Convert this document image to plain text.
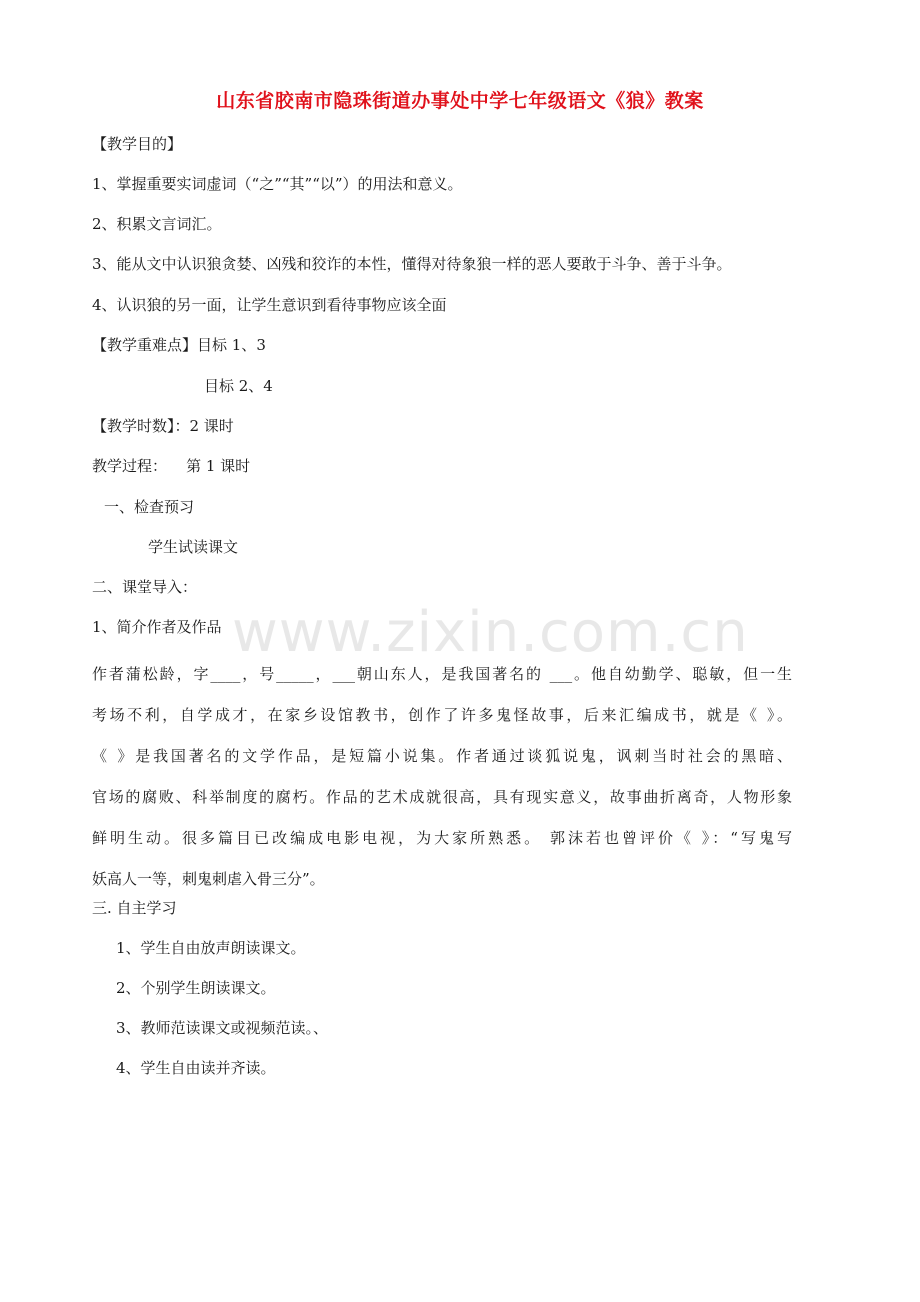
山东省胶南市隐珠街道办事处中学七年级语文《狼》教案
【教学目的】
1、掌握重要实词虚词（“之”“其”“以”）的用法和意义。
2、积累文言词汇。
3、能从文中认识狼贪婪、凶残和狡诈的本性，懂得对待象狼一样的恶人要敢于斗争、善于斗争。
4、认识狼的另一面，让学生意识到看待事物应该全面
【教学重难点】目标 1、3
目标 2、4
【教学时数】：2 课时
教学过程：    第 1 课时
一、检查预习
学生试读课文
二、课堂导入：
1、简介作者及作品
作者蒲松龄，字____，号_____，___朝山东人，是我国著名的 ___。他自幼勤学、聪敏，但一生
考场不利，自学成才，在家乡设馆教书，创作了许多鬼怪故事，后来汇编成书，就是《 》。
《 》是我国著名的文学作品，是短篇小说集。作者通过谈狐说鬼，讽刺当时社会的黑暗、
官场的腐败、科举制度的腐朽。作品的艺术成就很高，具有现实意义，故事曲折离奇，人物形象
鲜明生动。很多篇目已改编成电影电视，为大家所熟悉。 郭沫若也曾评价《 》：“写鬼写
妖高人一等，刺鬼刺虐入骨三分”。
三. 自主学习
1、学生自由放声朗读课文。
2、个别学生朗读课文。
3、教师范读课文或视频范读。、
4、学生自由读并齐读。
www.zixin.com.cn
